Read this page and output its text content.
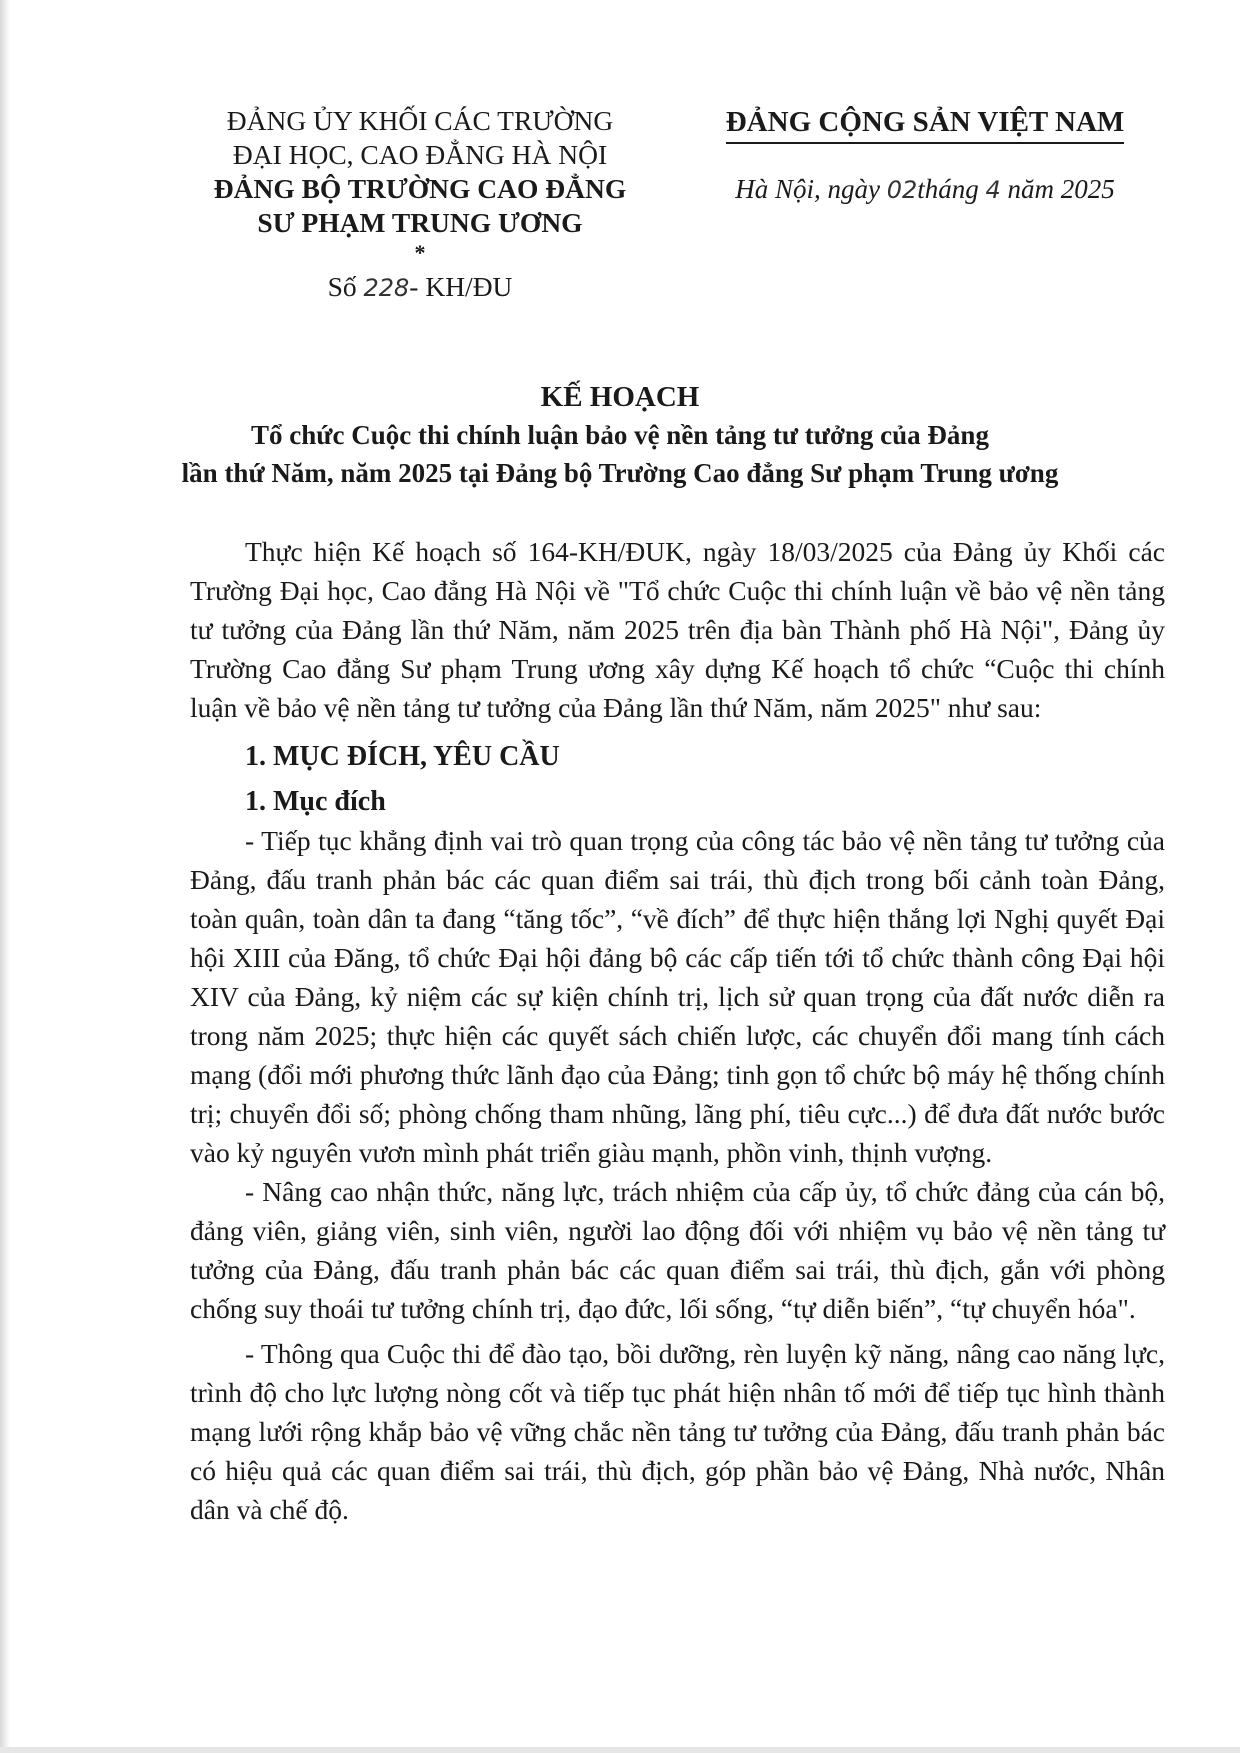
ĐẢNG ỦY KHỐI CÁC TRƯỜNG
ĐẠI HỌC, CAO ĐẲNG HÀ NỘI
ĐẢNG BỘ TRƯỜNG CAO ĐẲNG
SƯ PHẠM TRUNG ƯƠNG
*
Số 228- KH/ĐU
ĐẢNG CỘNG SẢN VIỆT NAM
Hà Nội, ngày 02tháng 4 năm 2025
KẾ HOẠCH
Tổ chức Cuộc thi chính luận bảo vệ nền tảng tư tưởng của Đảng
lần thứ Năm, năm 2025 tại Đảng bộ Trường Cao đẳng Sư phạm Trung ương

Thực hiện Kế hoạch số 164-KH/ĐUK, ngày 18/03/2025 của Đảng ủy Khối các Trường Đại học, Cao đẳng Hà Nội về "Tổ chức Cuộc thi chính luận về bảo vệ nền tảng tư tưởng của Đảng lần thứ Năm, năm 2025 trên địa bàn Thành phố Hà Nội", Đảng ủy Trường Cao đẳng Sư phạm Trung ương xây dựng Kế hoạch tổ chức “Cuộc thi chính luận về bảo vệ nền tảng tư tưởng của Đảng lần thứ Năm, năm 2025" như sau:

1. MỤC ĐÍCH, YÊU CẦU

1. Mục đích

- Tiếp tục khẳng định vai trò quan trọng của công tác bảo vệ nền tảng tư tưởng của Đảng, đấu tranh phản bác các quan điểm sai trái, thù địch trong bối cảnh toàn Đảng, toàn quân, toàn dân ta đang “tăng tốc”, “về đích” để thực hiện thắng lợi Nghị quyết Đại hội XIII của Đăng, tổ chức Đại hội đảng bộ các cấp tiến tới tổ chức thành công Đại hội XIV của Đảng, kỷ niệm các sự kiện chính trị, lịch sử quan trọng của đất nước diễn ra trong năm 2025; thực hiện các quyết sách chiến lược, các chuyển đổi mang tính cách mạng (đổi mới phương thức lãnh đạo của Đảng; tinh gọn tổ chức bộ máy hệ thống chính trị; chuyển đổi số; phòng chống tham nhũng, lãng phí, tiêu cực...) để đưa đất nước bước vào kỷ nguyên vươn mình phát triển giàu mạnh, phồn vinh, thịnh vượng.

- Nâng cao nhận thức, năng lực, trách nhiệm của cấp ủy, tổ chức đảng của cán bộ, đảng viên, giảng viên, sinh viên, người lao động đối với nhiệm vụ bảo vệ nền tảng tư tưởng của Đảng, đấu tranh phản bác các quan điểm sai trái, thù địch, gắn với phòng chống suy thoái tư tưởng chính trị, đạo đức, lối sống, “tự diễn biến”, “tự chuyển hóa".

- Thông qua Cuộc thi để đào tạo, bồi dưỡng, rèn luyện kỹ năng, nâng cao năng lực, trình độ cho lực lượng nòng cốt và tiếp tục phát hiện nhân tố mới để tiếp tục hình thành mạng lưới rộng khắp bảo vệ vững chắc nền tảng tư tưởng của Đảng, đấu tranh phản bác có hiệu quả các quan điểm sai trái, thù địch, góp phần bảo vệ Đảng, Nhà nước, Nhân dân và chế độ.
